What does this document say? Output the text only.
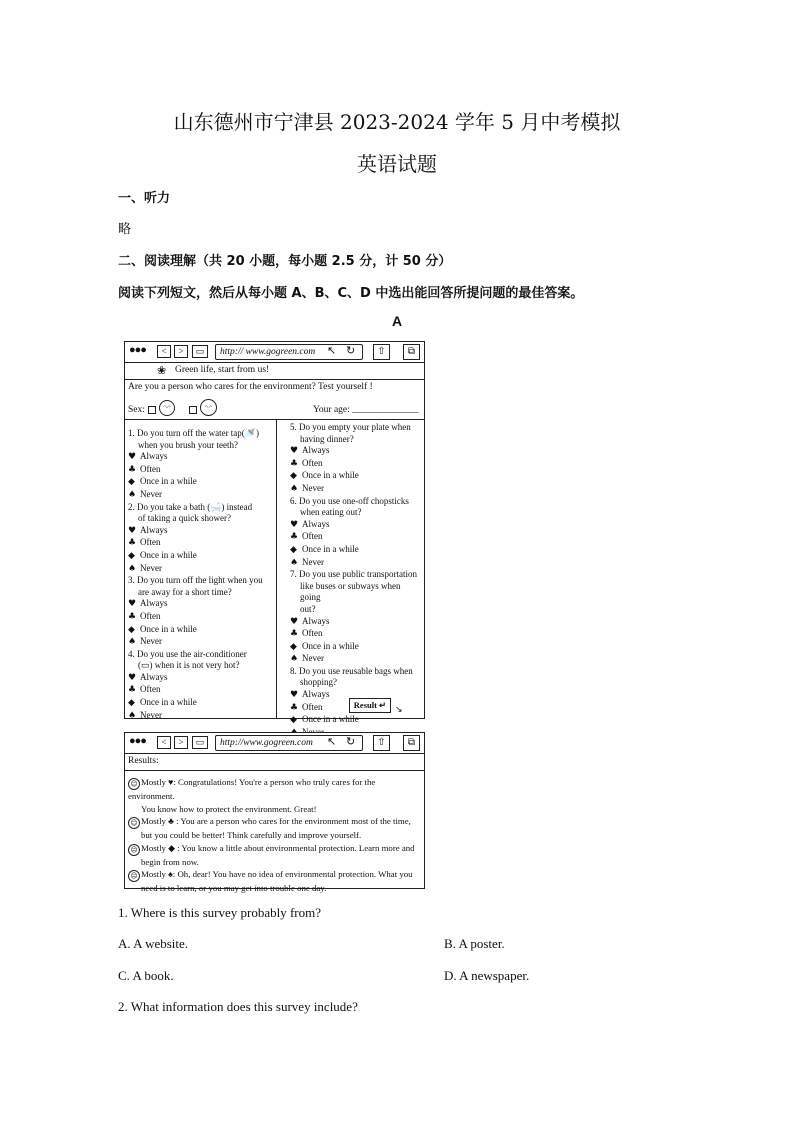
山东德州市宁津县 2023-2024 学年 5 月中考模拟
英语试题
一、听力
略
二、阅读理解（共 20 小题，每小题 2.5 分，计 50 分）
阅读下列短文，然后从每小题 A、B、C、D 中选出能回答所提问题的最佳答案。
A
●●●	<	>	▭	http:// www.gogreen.com	↖ ↻	⇧	⧉
❀ Green life, start from us!
Are you a person who cares for the environment? Test yourself !
Sex:	ᵔᵕᵔ	ᵔᵕᵔ	Your age: ______________
1. Do you turn off the water tap(🚿)
when you brush your teeth?
♥ Always
♣ Often
◆ Once in a while
♠ Never
2. Do you take a bath (🛁) instead
of taking a quick shower?
♥ Always
♣ Often
◆ Once in a while
♠ Never
3. Do you turn off the light when you
are away for a short time?
♥ Always
♣ Often
◆ Once in a while
♠ Never
4. Do you use the air-conditioner
(▭) when it is not very hot?
♥ Always
♣ Often
◆ Once in a while
♠ Never
5. Do you empty your plate when
having dinner?
♥ Always
♣ Often
◆ Once in a while
♠ Never
6. Do you use one-off chopsticks
when eating out?
♥ Always
♣ Often
◆ Once in a while
♠ Never
7. Do you use public transportation
like buses or subways when going
out?
♥ Always
♣ Often
◆ Once in a while
♠ Never
8. Do you use reusable bags when
shopping?
♥ Always
♣ Often
◆ Once in a while
Result ↵ ↘
●●●	<	>	▭	http://www.gogreen.com	↖ ↻	⇧	⧉
Results:
☺ Mostly ♥: Congratulations! You're a person who truly cares for the environment.
You know how to protect the environment. Great!
☺ Mostly ♣ : You are a person who cares for the environment most of the time,
but you could be better! Think carefully and improve yourself.
☹ Mostly ◆ : You know a little about environmental protection. Learn more and
begin from now.
☹ Mostly ♠: Oh, dear! You have no idea of environmental protection. What you
need is to learn, or you may get into trouble one day.
1. Where is this survey probably from?
A. A website.	B. A poster.
C. A book.	D. A newspaper.
2. What information does this survey include?
